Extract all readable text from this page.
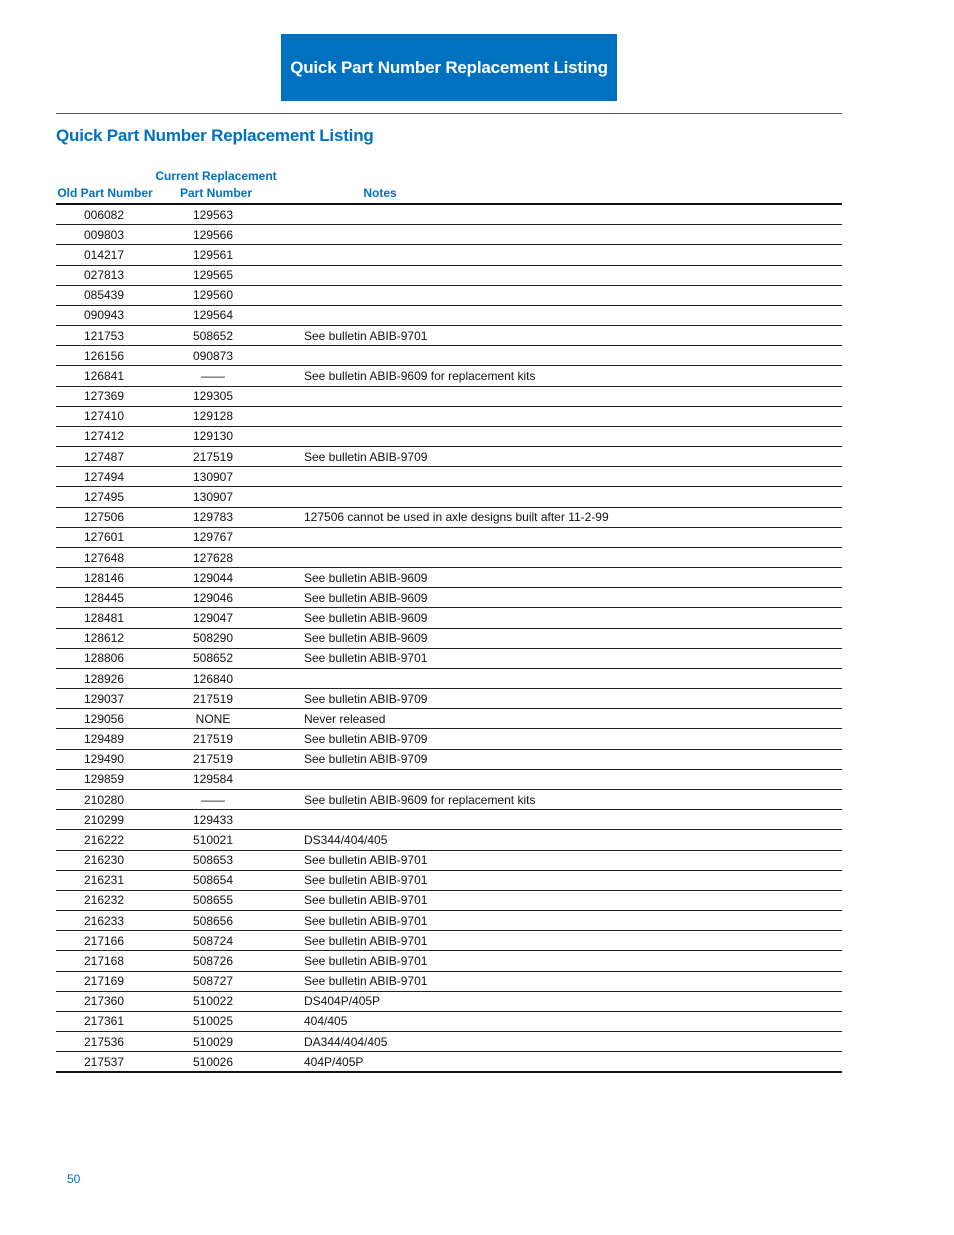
Quick Part Number Replacement Listing
Quick Part Number Replacement Listing
Old Part Number
Current Replacement
Part Number	Notes
006082	129563
009803	129566
014217	129561
027813	129565
085439	129560
090943	129564
121753	508652	See bulletin ABIB-9701
126156	090873
126841	——	See bulletin ABIB-9609 for replacement kits
127369	129305
127410	129128
127412	129130
127487	217519	See bulletin ABIB-9709
127494	130907
127495	130907
127506	129783	127506 cannot be used in axle designs built after 11-2-99
127601	129767
127648	127628
128146	129044	See bulletin ABIB-9609
128445	129046	See bulletin ABIB-9609
128481	129047	See bulletin ABIB-9609
128612	508290	See bulletin ABIB-9609
128806	508652	See bulletin ABIB-9701
128926	126840
129037	217519	See bulletin ABIB-9709
129056	NONE	Never released
129489	217519	See bulletin ABIB-9709
129490	217519	See bulletin ABIB-9709
129859	129584
210280	——	See bulletin ABIB-9609 for replacement kits
210299	129433
216222	510021	DS344/404/405
216230	508653	See bulletin ABIB-9701
216231	508654	See bulletin ABIB-9701
216232	508655	See bulletin ABIB-9701
216233	508656	See bulletin ABIB-9701
217166	508724	See bulletin ABIB-9701
217168	508726	See bulletin ABIB-9701
217169	508727	See bulletin ABIB-9701
217360	510022	DS404P/405P
217361	510025	404/405
217536	510029	DA344/404/405
217537	510026	404P/405P
50
